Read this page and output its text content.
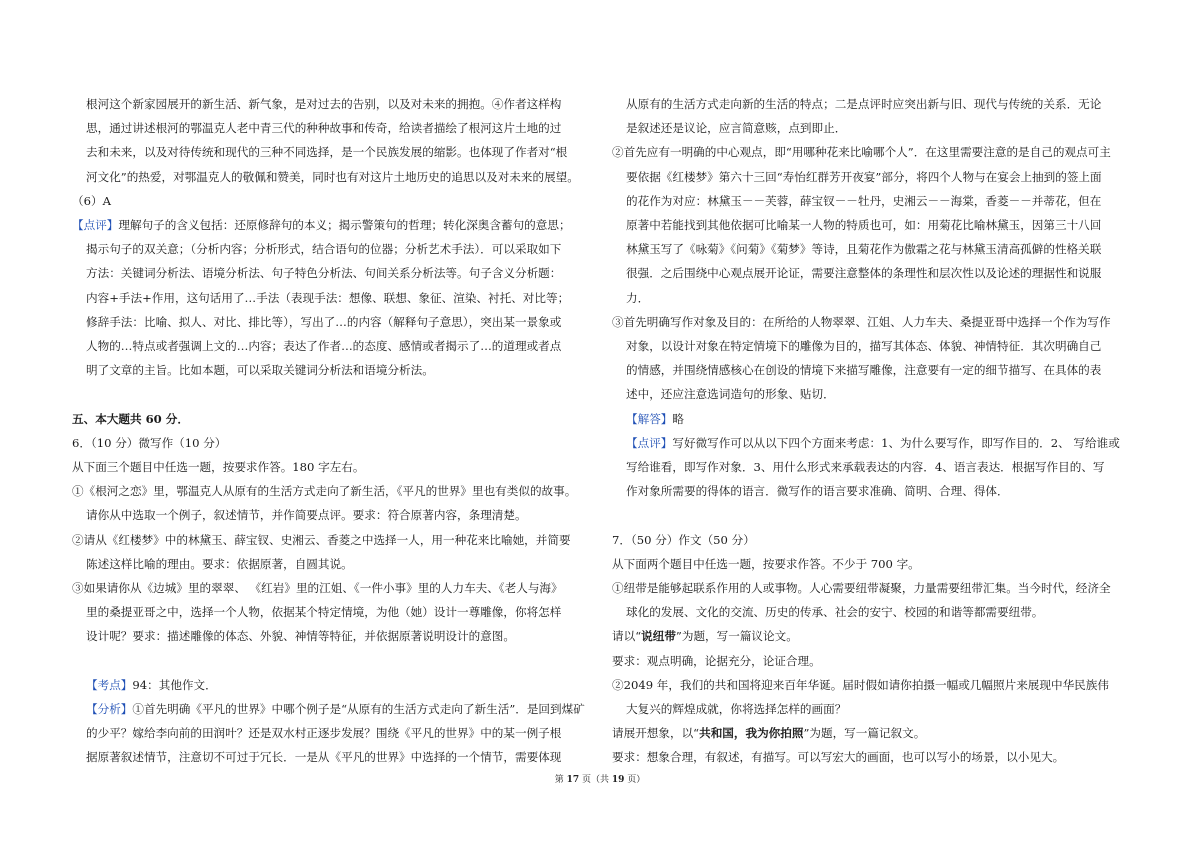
根河这个新家园展开的新生活、新气象，是对过去的告别，以及对未来的拥抱。④作者这样构

思，通过讲述根河的鄂温克人老中青三代的种种故事和传奇，给读者描绘了根河这片土地的过

去和未来，以及对待传统和现代的三种不同选择，是一个民族发展的缩影。也体现了作者对“根

河文化”的热爱，对鄂温克人的敬佩和赞美，同时也有对这片土地历史的追思以及对未来的展望。

（6）A

【点评】理解句子的含义包括：还原修辞句的本义；揭示警策句的哲理；转化深奥含蓄句的意思；

揭示句子的双关意；（分析内容；分析形式，结合语句的位器；分析艺术手法）．可以采取如下

方法：关键词分析法、语境分析法、句子特色分析法、句间关系分析法等。句子含义分析题：

内容+手法+作用，这句话用了…手法（表现手法：想像、联想、象征、渲染、衬托、对比等；

修辞手法：比喻、拟人、对比、排比等），写出了…的内容（解释句子意思），突出某一景象或

人物的…特点或者强调上文的…内容；表达了作者…的态度、感情或者揭示了…的道理或者点

明了文章的主旨。比如本题，可以采取关键词分析法和语境分析法。

五、本大题共 60 分．

6．（10 分）微写作（10 分）

从下面三个题目中任选一题，按要求作答。180 字左右。

①《根河之恋》里，鄂温克人从原有的生活方式走向了新生活，《平凡的世界》里也有类似的故事。

请你从中选取一个例子，叙述情节，并作简要点评。要求：符合原著内容，条理清楚。

②请从《红楼梦》中的林黛玉、薛宝钗、史湘云、香菱之中选择一人，用一种花来比喻她，并简要

陈述这样比喻的理由。要求：依据原著，自圆其说。

③如果请你从《边城》里的翠翠、 《红岩》里的江姐、《一件小事》里的人力车夫、《老人与海》

里的桑提亚哥之中，选择一个人物，依据某个特定情境，为他（她）设计一尊雕像，你将怎样

设计呢？要求：描述雕像的体态、外貌、神情等特征，并依据原著说明设计的意图。

【考点】94：其他作文．

【分析】①首先明确《平凡的世界》中哪个例子是“从原有的生活方式走向了新生活”．是回到煤矿

的少平？嫁给李向前的田润叶？还是双水村正逐步发展？围绕《平凡的世界》中的某一例子根

据原著叙述情节，注意切不可过于冗长．一是从《平凡的世界》中选择的一个情节，需要体现

从原有的生活方式走向新的生活的特点；二是点评时应突出新与旧、现代与传统的关系．无论

是叙述还是议论，应言简意赅，点到即止．

②首先应有一明确的中心观点，即“用哪种花来比喻哪个人”．在这里需要注意的是自己的观点可主

要依据《红楼梦》第六十三回“寿怡红群芳开夜宴”部分，将四个人物与在宴会上抽到的签上面

的花作为对应：林黛玉－－芙蓉，薛宝钗－－牡丹，史湘云－－海棠，香菱－－并蒂花，但在

原著中若能找到其他依据可比喻某一人物的特质也可，如：用菊花比喻林黛玉，因第三十八回

林黛玉写了《咏菊》《问菊》《菊梦》等诗，且菊花作为傲霜之花与林黛玉清高孤僻的性格关联

很强．之后围绕中心观点展开论证，需要注意整体的条理性和层次性以及论述的理据性和说服

力．

③首先明确写作对象及目的：在所给的人物翠翠、江姐、人力车夫、桑提亚哥中选择一个作为写作

对象，以设计对象在特定情境下的雕像为目的，描写其体态、体貌、神情特征．其次明确自己

的情感，并围绕情感核心在创设的情境下来描写雕像，注意要有一定的细节描写、在具体的表

述中，还应注意选词造句的形象、贴切．

【解答】略

【点评】写好微写作可以从以下四个方面来考虑：1、为什么要写作，即写作目的．2、 写给谁或

写给谁看，即写作对象．3、用什么形式来承载表达的内容．4、语言表达．根据写作目的、写

作对象所需要的得体的语言．微写作的语言要求准确、简明、合理、得体．

7．（50 分）作文（50 分）

从下面两个题目中任选一题，按要求作答。不少于 700 字。

①纽带是能够起联系作用的人或事物。人心需要纽带凝聚，力量需要纽带汇集。当今时代，经济全

球化的发展、文化的交流、历史的传承、社会的安宁、校园的和谐等都需要纽带。

请以“说纽带”为题，写一篇议论文。

要求：观点明确，论据充分，论证合理。

②2049 年，我们的共和国将迎来百年华诞。届时假如请你拍摄一幅或几幅照片来展现中华民族伟

大复兴的辉煌成就，你将选择怎样的画面？

请展开想象，以“共和国，我为你拍照”为题，写一篇记叙文。

要求：想象合理，有叙述，有描写。可以写宏大的画面，也可以写小的场景，以小见大。

第 17 页（共 19 页）
